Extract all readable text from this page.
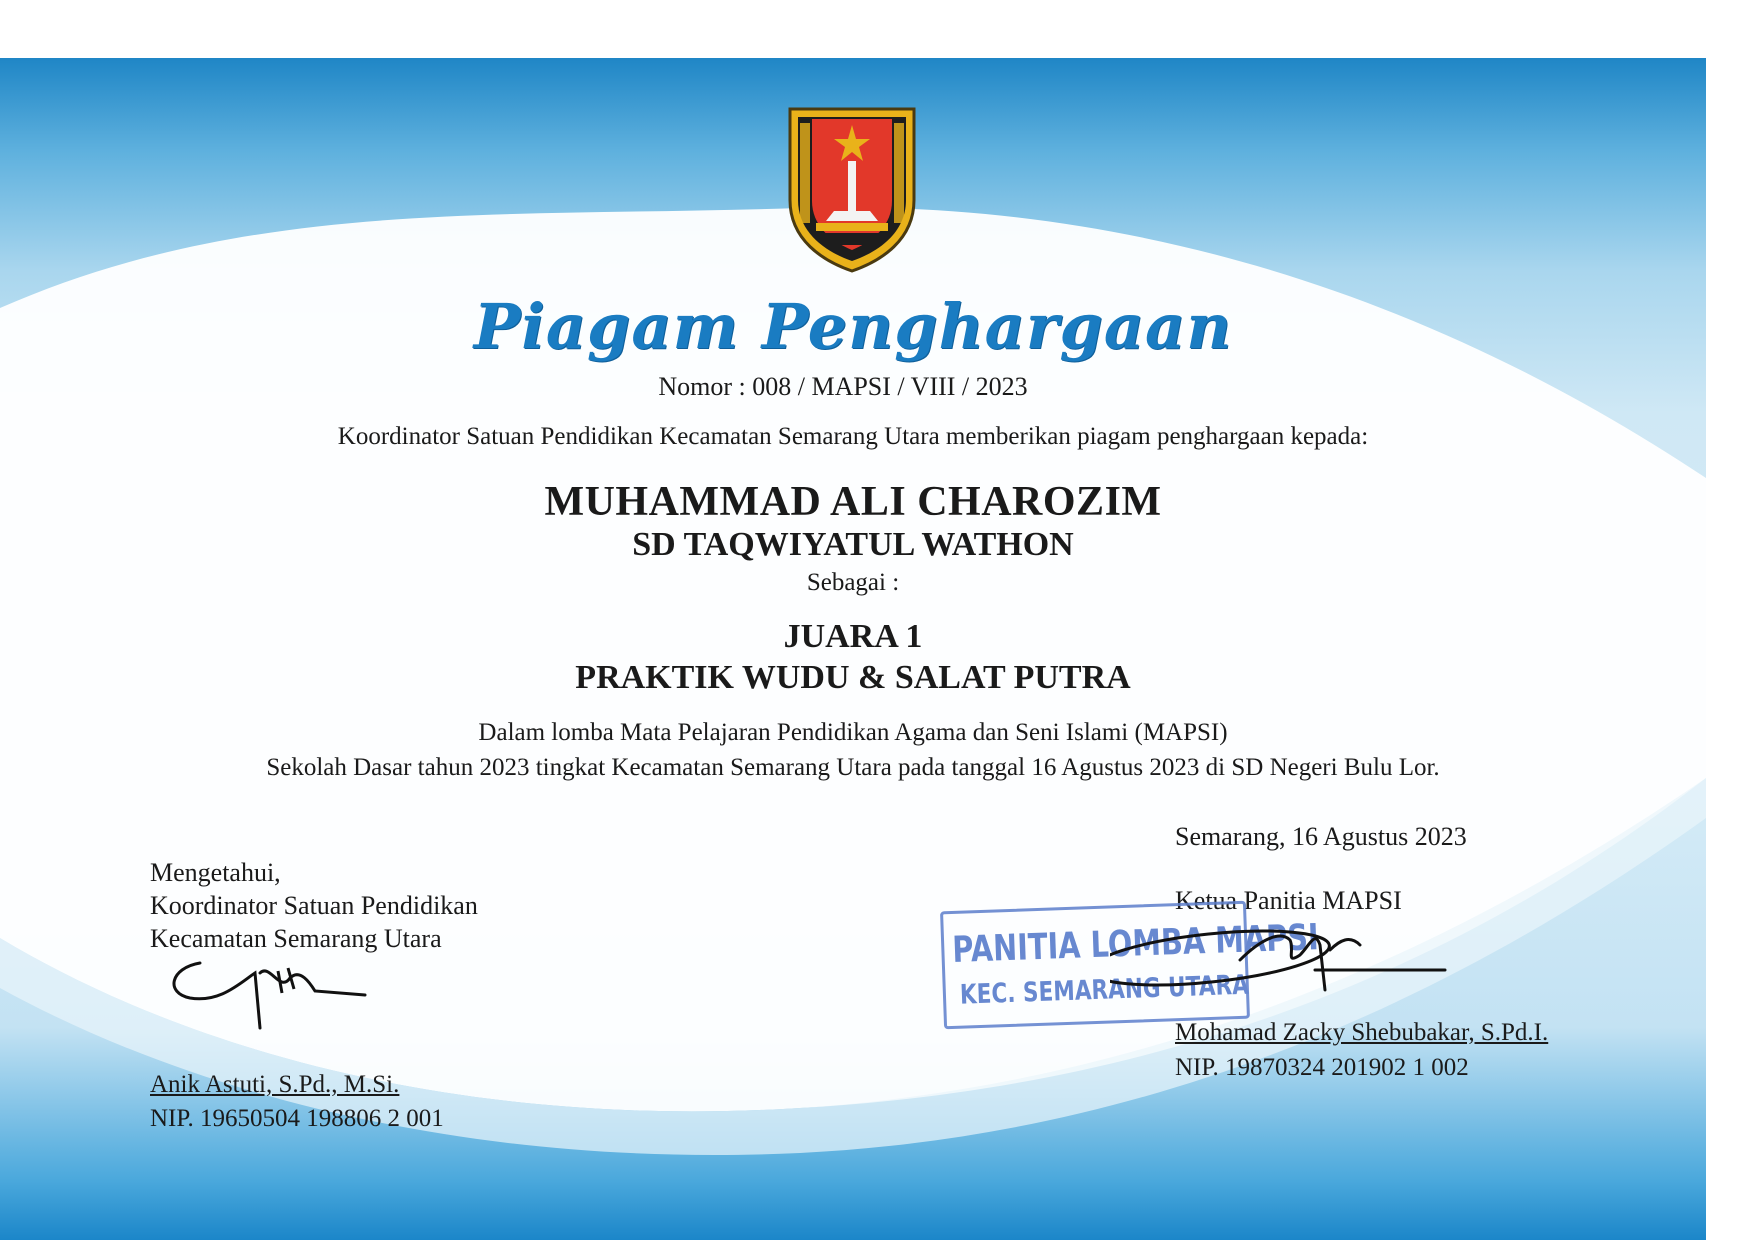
Piagam Penghargaan
Nomor : 008 / MAPSI / VIII / 2023
Koordinator Satuan Pendidikan Kecamatan Semarang Utara memberikan piagam penghargaan kepada:
MUHAMMAD ALI CHAROZIM
SD TAQWIYATUL WATHON
Sebagai :
JUARA 1
PRAKTIK WUDU & SALAT PUTRA
Dalam lomba Mata Pelajaran Pendidikan Agama dan Seni Islami (MAPSI)
Sekolah Dasar tahun 2023 tingkat Kecamatan Semarang Utara pada tanggal 16 Agustus 2023 di SD Negeri Bulu Lor.
Mengetahui,
Koordinator Satuan Pendidikan
Kecamatan Semarang Utara
Anik Astuti, S.Pd., M.Si.
NIP. 19650504 198806 2 001
Semarang, 16 Agustus 2023
Ketua Panitia MAPSI
PANITIA LOMBA MAPSI
KEC. SEMARANG UTARA
Mohamad Zacky Shebubakar, S.Pd.I.
NIP. 19870324 201902 1 002
